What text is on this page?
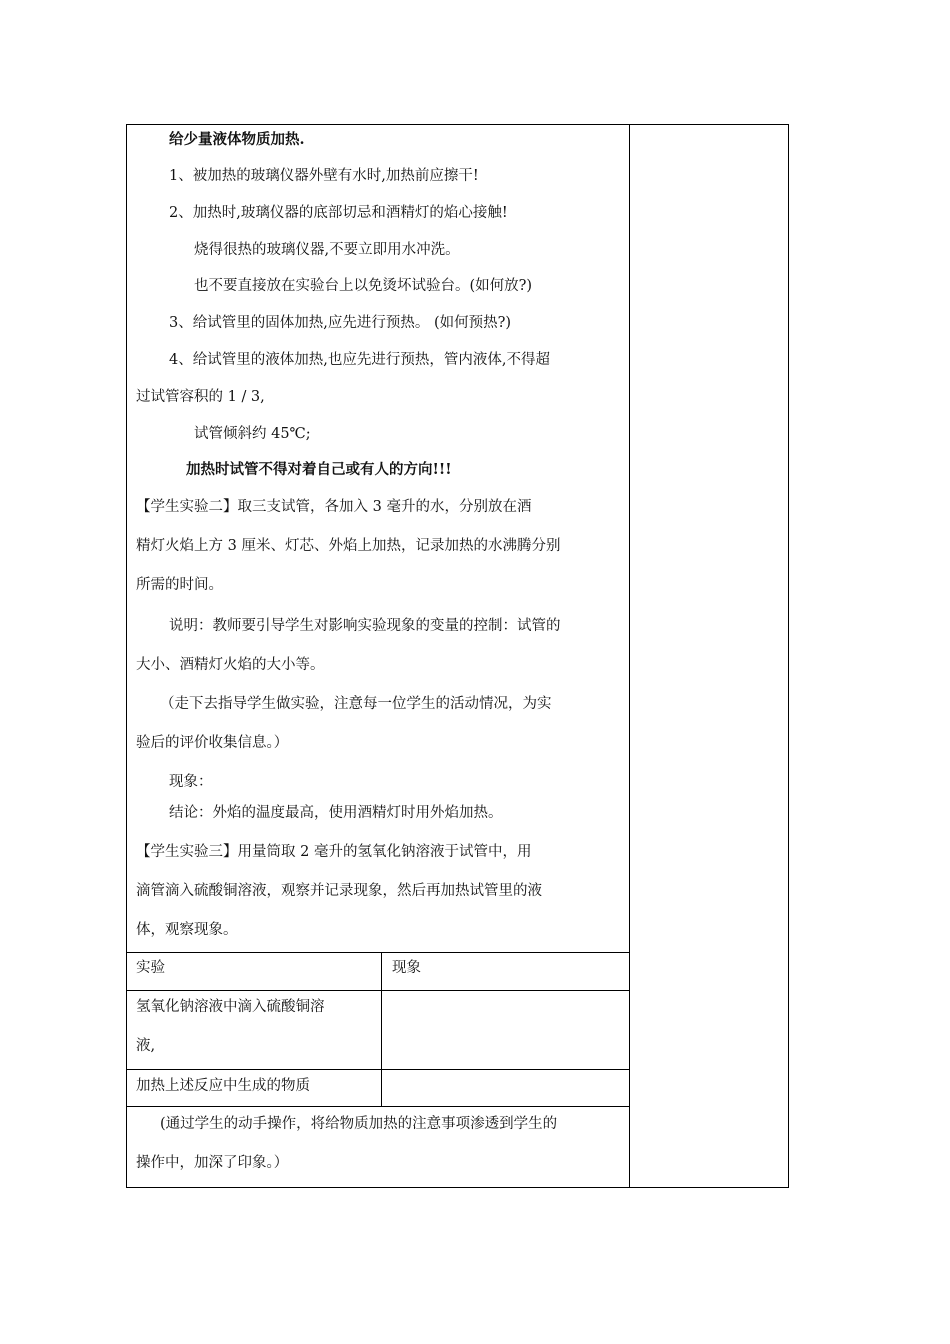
给少量液体物质加热.
1、被加热的玻璃仪器外壁有水时,加热前应擦干!
2、加热时,玻璃仪器的底部切忌和酒精灯的焰心接触!
烧得很热的玻璃仪器,不要立即用水冲洗。
也不要直接放在实验台上以免烫坏试验台。(如何放?)
3、给试管里的固体加热,应先进行预热。 (如何预热?)
4、给试管里的液体加热,也应先进行预热，管内液体,不得超
过试管容积的 1 / 3,
试管倾斜约 45℃;
加热时试管不得对着自己或有人的方向!!!
【学生实验二】取三支试管，各加入 3 毫升的水，分别放在酒
精灯火焰上方 3 厘米、灯芯、外焰上加热，记录加热的水沸腾分别
所需的时间。
说明：教师要引导学生对影响实验现象的变量的控制：试管的
大小、酒精灯火焰的大小等。
（走下去指导学生做实验，注意每一位学生的活动情况，为实
验后的评价收集信息。）
现象：
结论：外焰的温度最高，使用酒精灯时用外焰加热。
【学生实验三】用量筒取 2 毫升的氢氧化钠溶液于试管中，用
滴管滴入硫酸铜溶液，观察并记录现象，然后再加热试管里的液
体，观察现象。
实验	现象
氢氧化钠溶液中滴入硫酸铜溶
液,
加热上述反应中生成的物质
(通过学生的动手操作，将给物质加热的注意事项渗透到学生的
操作中，加深了印象。）
